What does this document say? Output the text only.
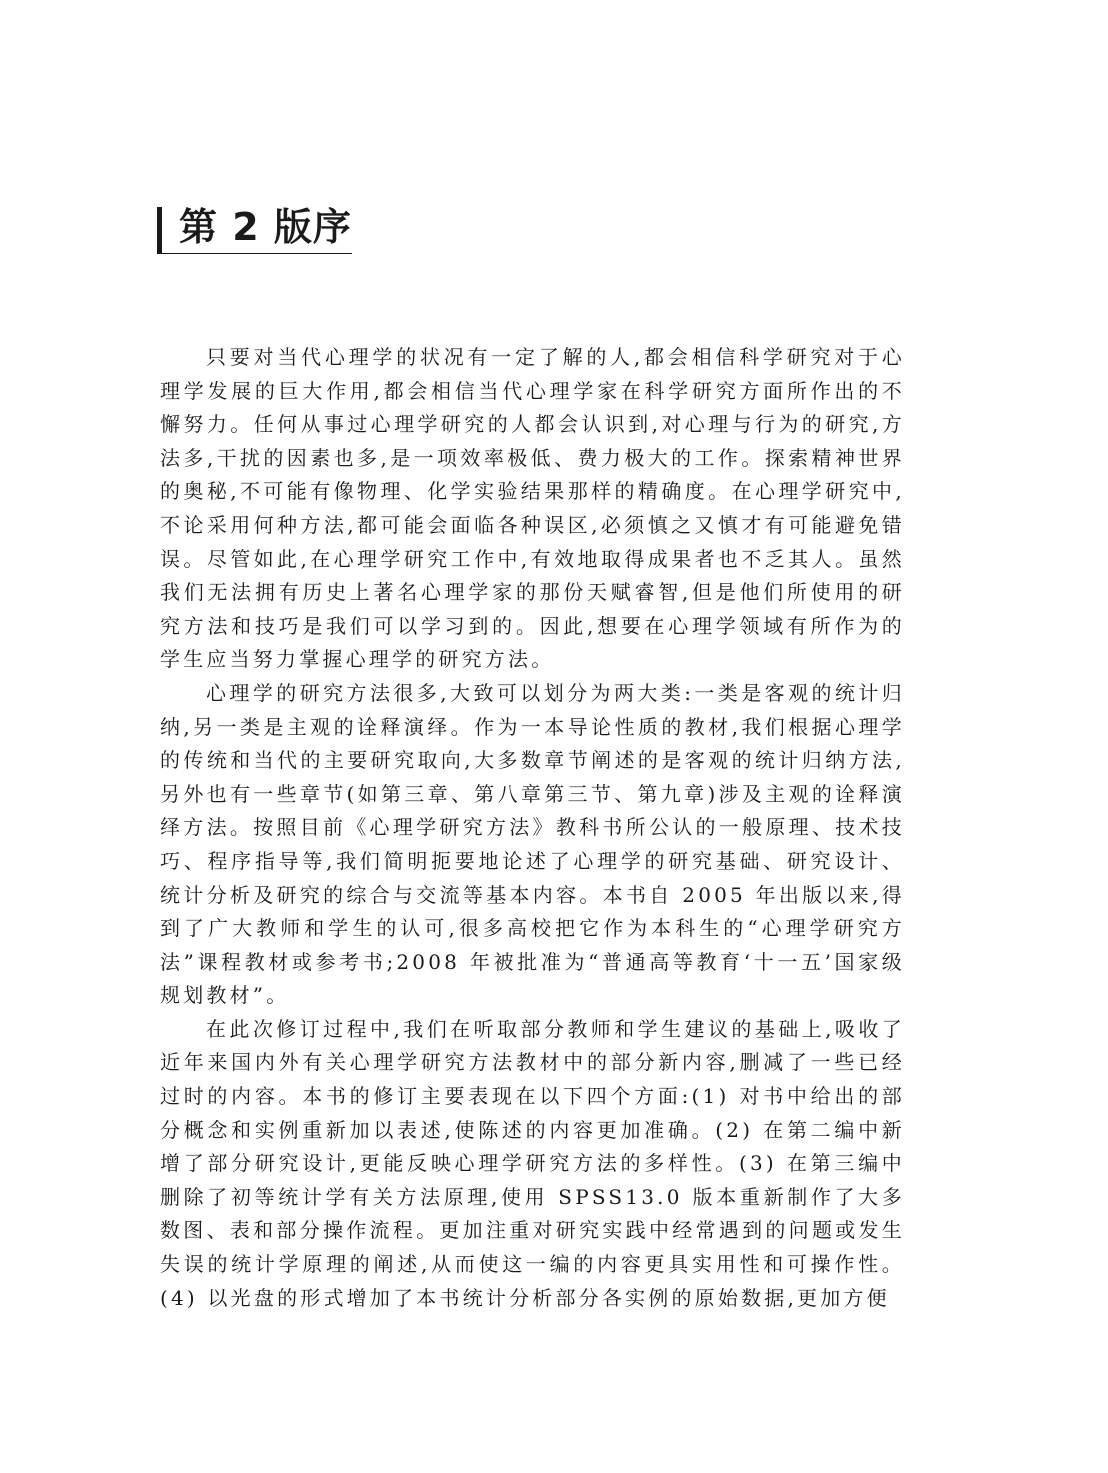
第 2 版序

只要对当代心理学的状况有一定了解的人,都会相信科学研究对于心理学发展的巨大作用,都会相信当代心理学家在科学研究方面所作出的不懈努力。任何从事过心理学研究的人都会认识到,对心理与行为的研究,方法多,干扰的因素也多,是一项效率极低、费力极大的工作。探索精神世界的奥秘,不可能有像物理、化学实验结果那样的精确度。在心理学研究中,不论采用何种方法,都可能会面临各种误区,必须慎之又慎才有可能避免错误。尽管如此,在心理学研究工作中,有效地取得成果者也不乏其人。虽然我们无法拥有历史上著名心理学家的那份天赋睿智,但是他们所使用的研究方法和技巧是我们可以学习到的。因此,想要在心理学领域有所作为的学生应当努力掌握心理学的研究方法。

心理学的研究方法很多,大致可以划分为两大类:一类是客观的统计归纳,另一类是主观的诠释演绎。作为一本导论性质的教材,我们根据心理学的传统和当代的主要研究取向,大多数章节阐述的是客观的统计归纳方法,另外也有一些章节(如第三章、第八章第三节、第九章)涉及主观的诠释演绎方法。按照目前《心理学研究方法》教科书所公认的一般原理、技术技巧、程序指导等,我们简明扼要地论述了心理学的研究基础、研究设计、统计分析及研究的综合与交流等基本内容。本书自 2005 年出版以来,得到了广大教师和学生的认可,很多高校把它作为本科生的“心理学研究方法”课程教材或参考书;2008 年被批准为“普通高等教育‘十一五’国家级规划教材”。

在此次修订过程中,我们在听取部分教师和学生建议的基础上,吸收了近年来国内外有关心理学研究方法教材中的部分新内容,删减了一些已经过时的内容。本书的修订主要表现在以下四个方面:(1) 对书中给出的部分概念和实例重新加以表述,使陈述的内容更加准确。(2) 在第二编中新增了部分研究设计,更能反映心理学研究方法的多样性。(3) 在第三编中删除了初等统计学有关方法原理,使用 SPSS13.0 版本重新制作了大多数图、表和部分操作流程。更加注重对研究实践中经常遇到的问题或发生失误的统计学原理的阐述,从而使这一编的内容更具实用性和可操作性。(4) 以光盘的形式增加了本书统计分析部分各实例的原始数据,更加方便
